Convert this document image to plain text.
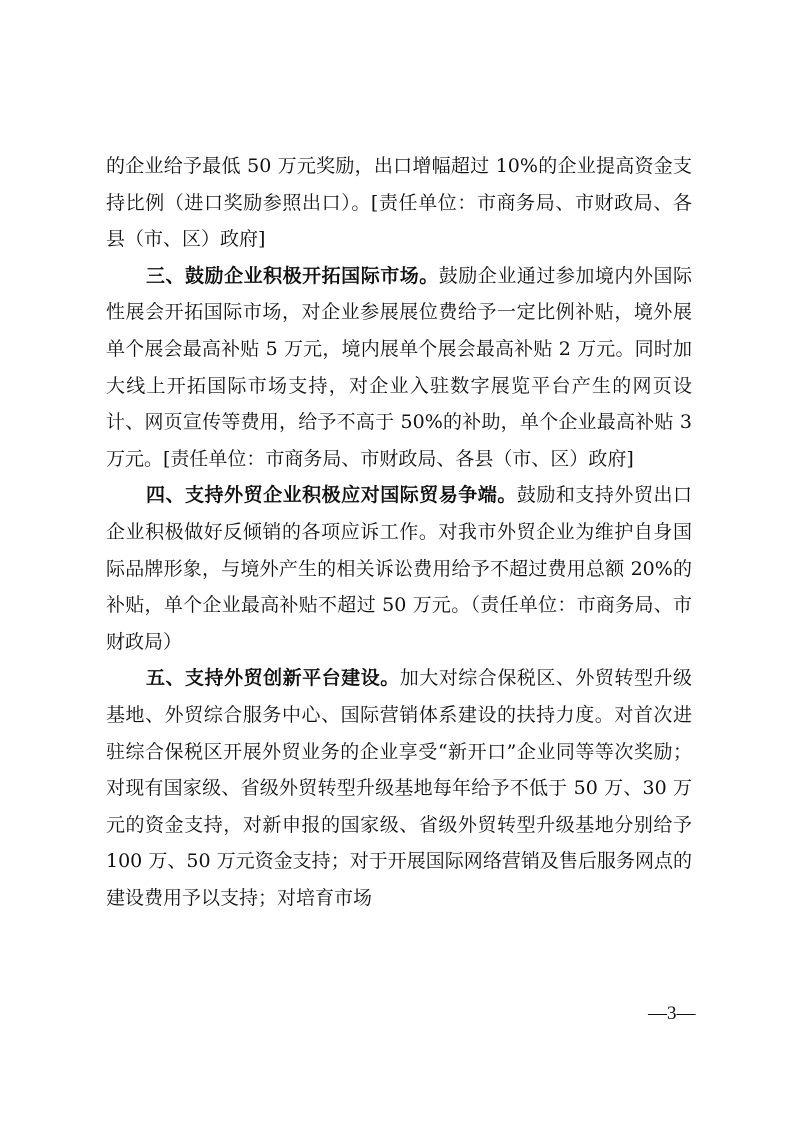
的企业给予最低 50 万元奖励，出口增幅超过 10%的企业提高资金支持比例（进口奖励参照出口）。[责任单位：市商务局、市财政局、各县（市、区）政府]

三、鼓励企业积极开拓国际市场。鼓励企业通过参加境内外国际性展会开拓国际市场，对企业参展展位费给予一定比例补贴，境外展单个展会最高补贴 5 万元，境内展单个展会最高补贴 2 万元。同时加大线上开拓国际市场支持，对企业入驻数字展览平台产生的网页设计、网页宣传等费用，给予不高于 50%的补助，单个企业最高补贴 3 万元。[责任单位：市商务局、市财政局、各县（市、区）政府]

四、支持外贸企业积极应对国际贸易争端。鼓励和支持外贸出口企业积极做好反倾销的各项应诉工作。对我市外贸企业为维护自身国际品牌形象，与境外产生的相关诉讼费用给予不超过费用总额 20%的补贴，单个企业最高补贴不超过 50 万元。（责任单位：市商务局、市财政局）

五、支持外贸创新平台建设。加大对综合保税区、外贸转型升级基地、外贸综合服务中心、国际营销体系建设的扶持力度。对首次进驻综合保税区开展外贸业务的企业享受“新开口”企业同等等次奖励；对现有国家级、省级外贸转型升级基地每年给予不低于 50 万、30 万元的资金支持，对新申报的国家级、省级外贸转型升级基地分别给予 100 万、50 万元资金支持；对于开展国际网络营销及售后服务网点的建设费用予以支持；对培育市场

—3—
